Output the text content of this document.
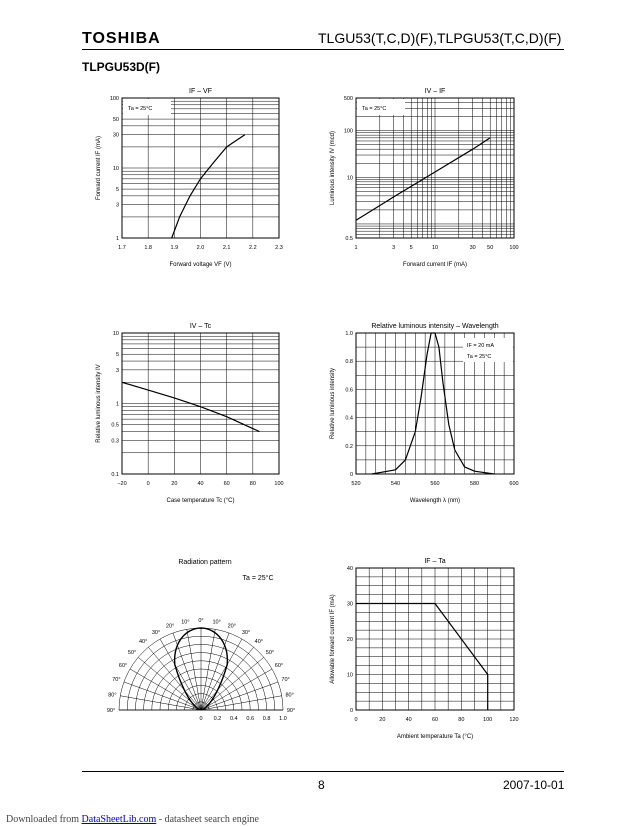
TOSHIBA	TLGU53(T,C,D)(F),TLPGU53(T,C,D)(F)
TLPGU53D(F)
1.7	1.8	1.9	2.0	2.1	2.2	2.3
1
3
5
10
30
50
100
IF – VF
Forward voltage VF (V)
Forward current IF (mA)
Ta = 25°C
1	3	5	10	30 50	100
0.5
10
100
500
IV – IF
Forward current IF (mA)
Luminous intensity IV (mcd)
Ta = 25°C
−20	0	20	40	60	80	100
0.1
0.3
0.5
1
3
5
10
IV – Tc
Case temperature Tc (°C)
Relative luminous intensity IV
520	540	560	580	600
0
0.2
0.4
0.6
0.8
1.0
Relative luminous intensity – Wavelength
Wavelength λ (nm)
Relative luminous intensity
IF = 20 mA
Ta = 25°C
0	20	40	60	80	100	120
0
10
20
30
40
IF – Ta
Ambient temperature Ta (°C)
Allowable forward current IF (mA)
Radiation pattern
Ta = 25°C
90°
80°
70°
60°
50°
40°
30°
20°
10° 0° 10°
20°
30°
40°
50°
60°
70°
80°
90°
0 0.2 0.4 0.6 0.8 1.0
8	2007-10-01
Downloaded from DataSheetLib.com - datasheet search engine
